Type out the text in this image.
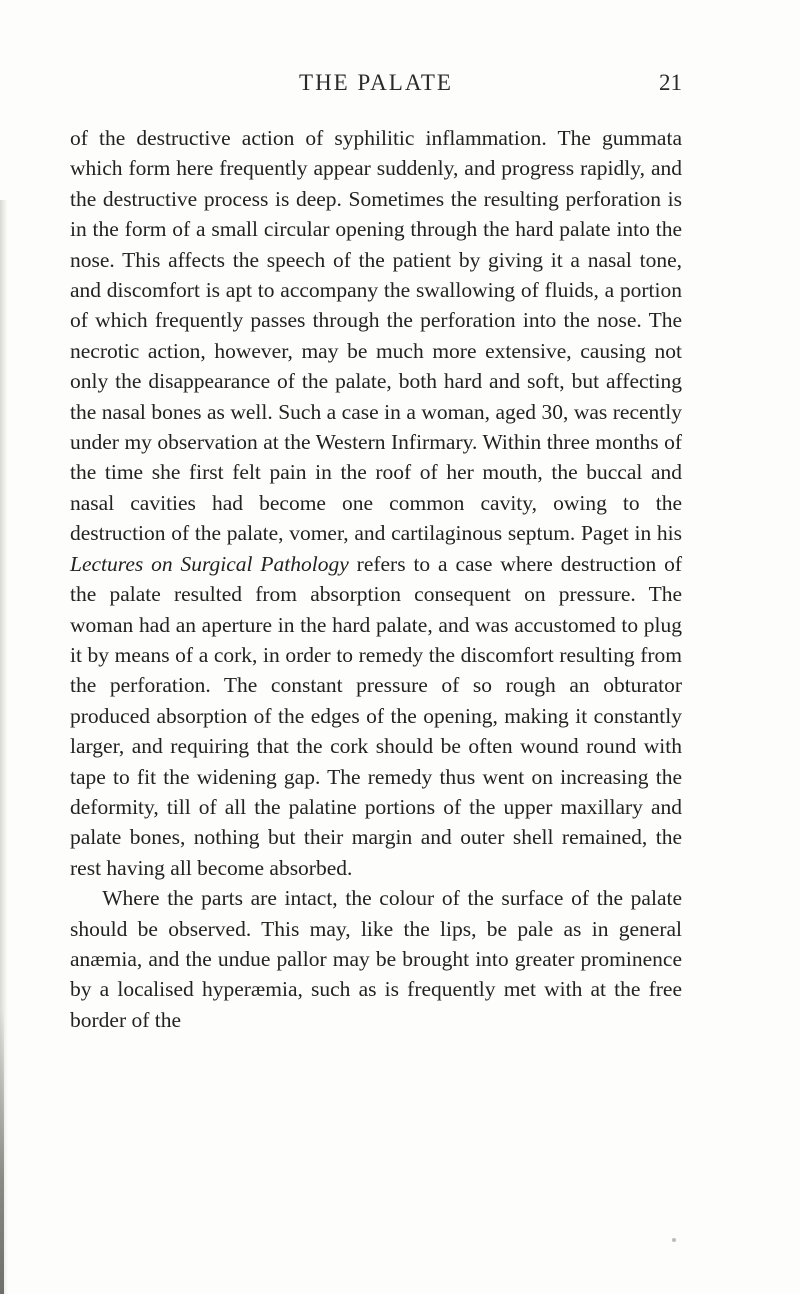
THE PALATE	21

of the destructive action of syphilitic inflammation. The gummata which form here frequently appear suddenly, and progress rapidly, and the destructive process is deep. Sometimes the resulting perforation is in the form of a small circular opening through the hard palate into the nose. This affects the speech of the patient by giving it a nasal tone, and discomfort is apt to accompany the swallowing of fluids, a portion of which frequently passes through the perforation into the nose. The necrotic action, however, may be much more extensive, causing not only the disappearance of the palate, both hard and soft, but affecting the nasal bones as well. Such a case in a woman, aged 30, was recently under my observation at the Western Infirmary. Within three months of the time she first felt pain in the roof of her mouth, the buccal and nasal cavities had become one common cavity, owing to the destruction of the palate, vomer, and cartilaginous septum. Paget in his Lectures on Surgical Pathology refers to a case where destruction of the palate resulted from absorption consequent on pressure. The woman had an aperture in the hard palate, and was accustomed to plug it by means of a cork, in order to remedy the discomfort resulting from the perforation. The constant pressure of so rough an obturator produced absorption of the edges of the opening, making it constantly larger, and requiring that the cork should be often wound round with tape to fit the widening gap. The remedy thus went on increasing the deformity, till of all the palatine portions of the upper maxillary and palate bones, nothing but their margin and outer shell remained, the rest having all become absorbed.

Where the parts are intact, the colour of the surface of the palate should be observed. This may, like the lips, be pale as in general anæmia, and the undue pallor may be brought into greater prominence by a localised hyperæmia, such as is frequently met with at the free border of the
